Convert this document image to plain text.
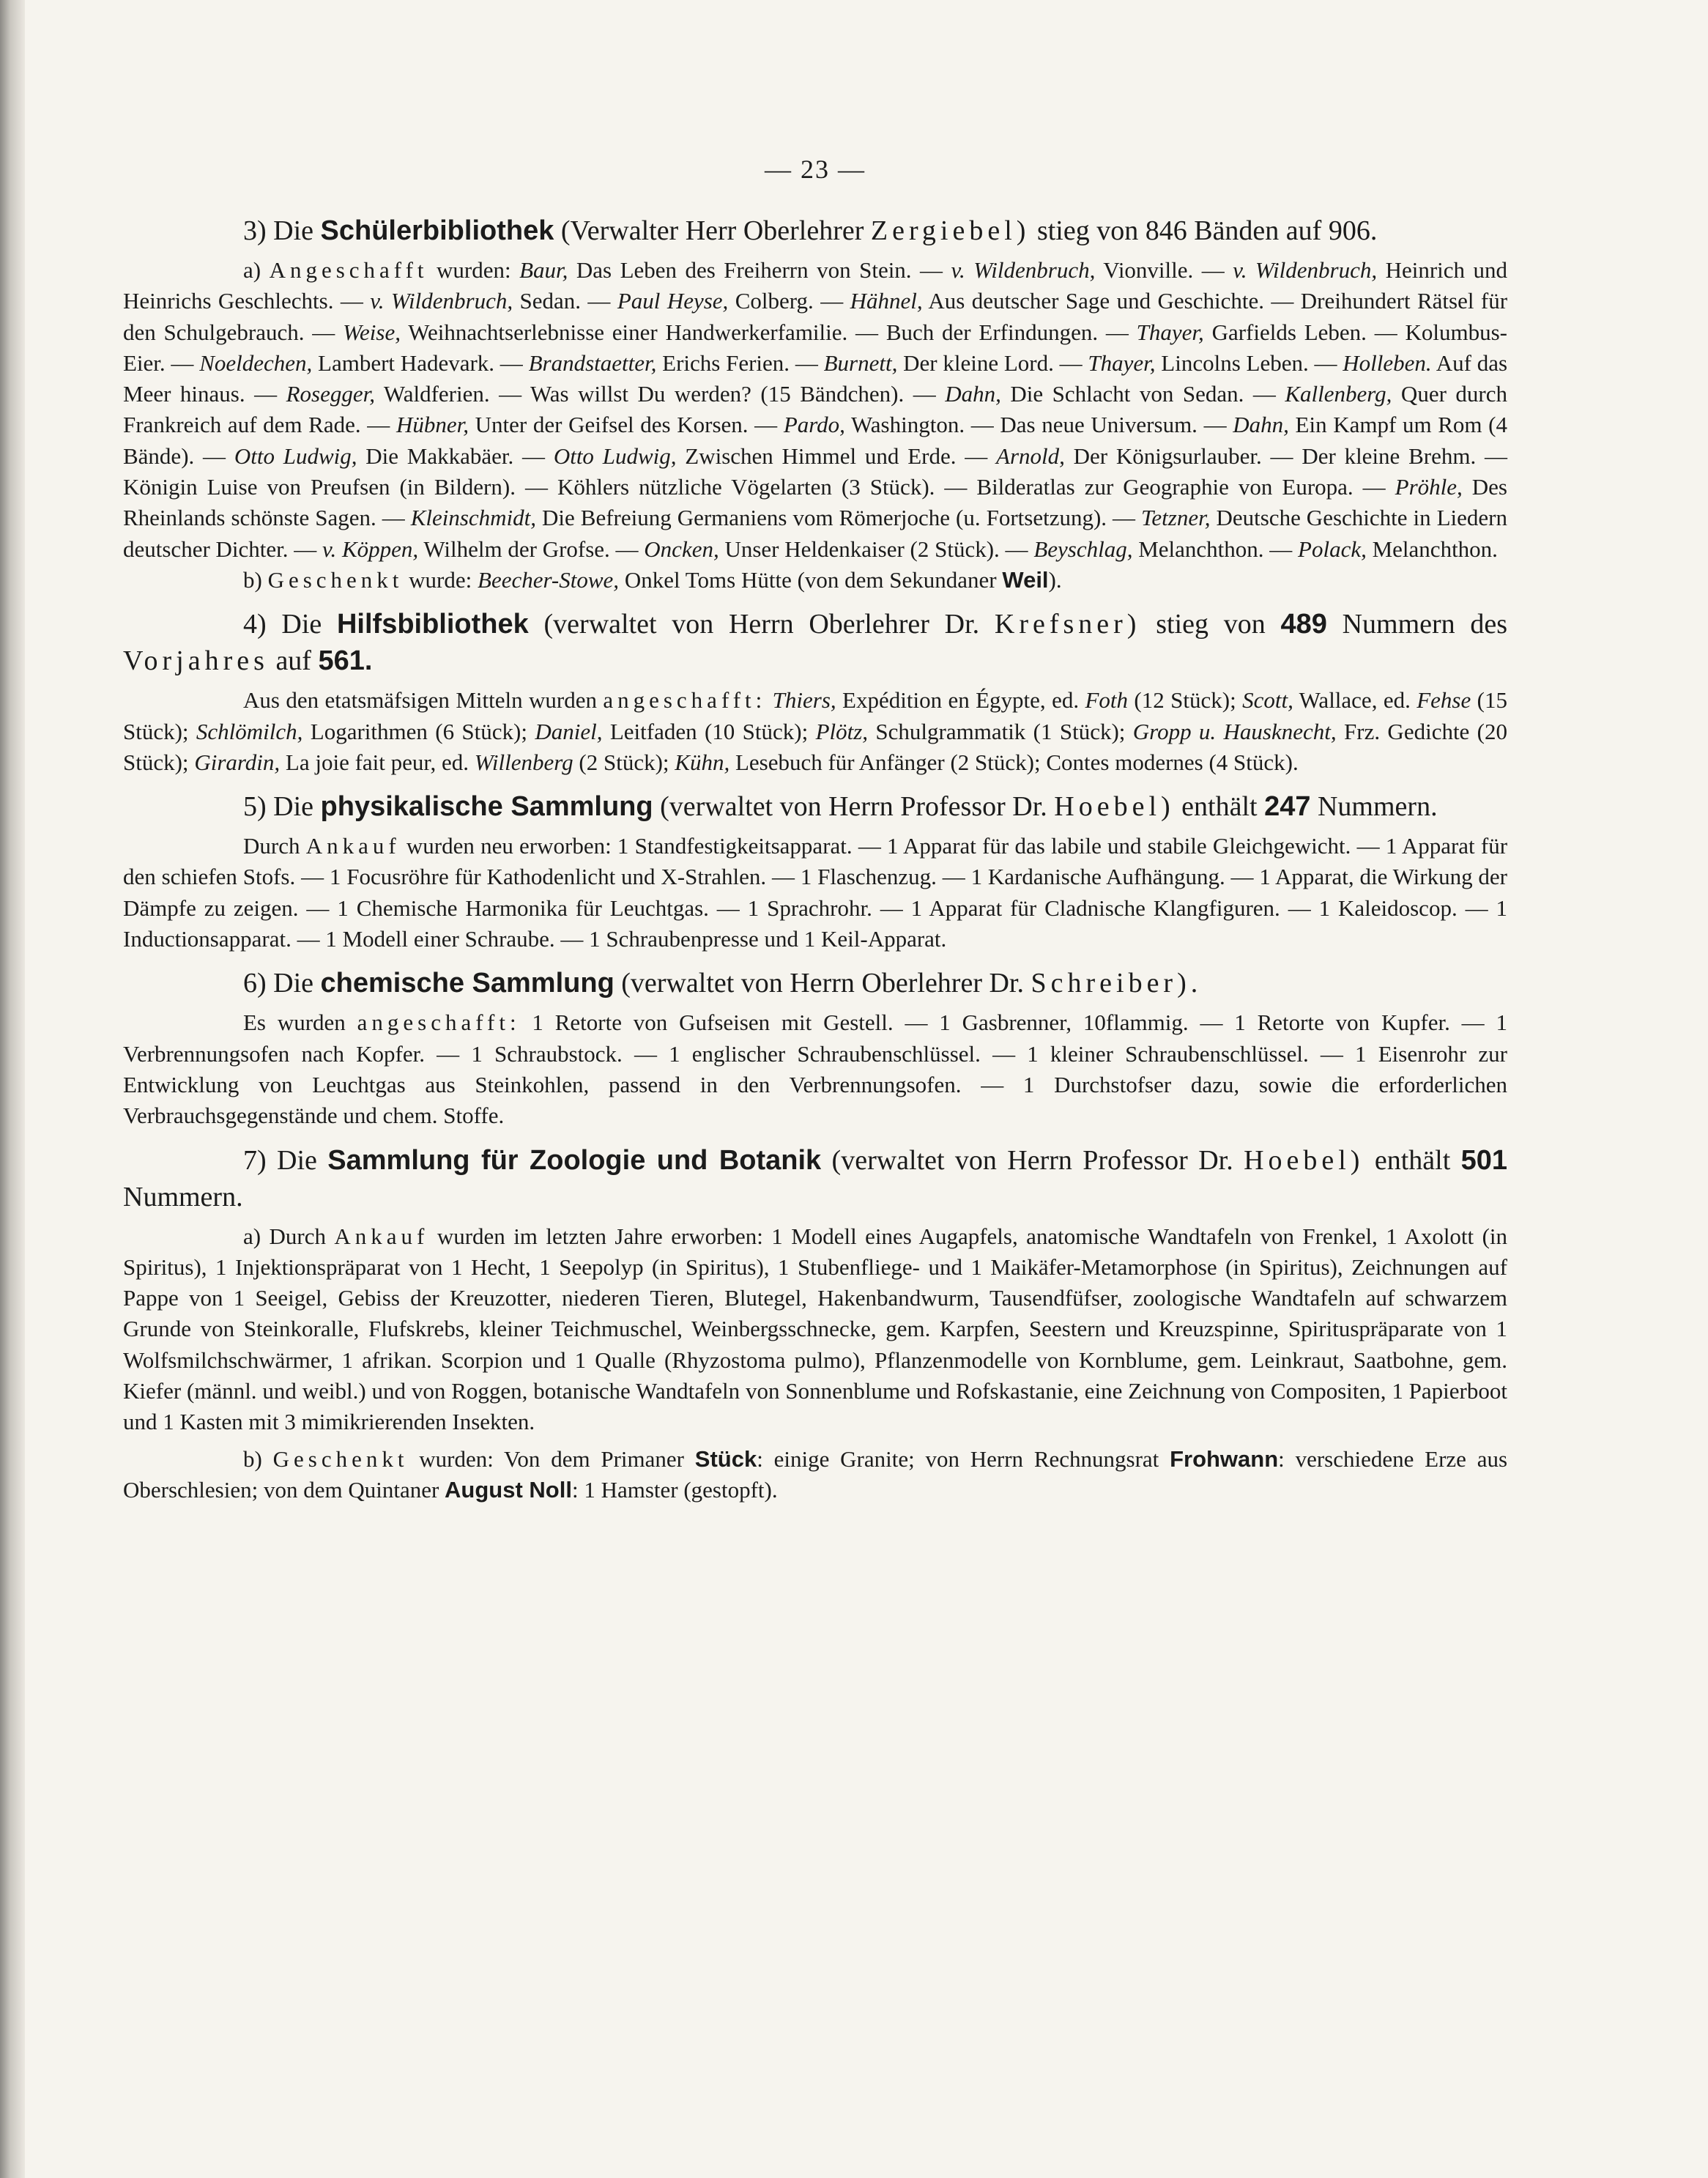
— 23 —

3) Die Schülerbibliothek (Verwalter Herr Oberlehrer Zergiebel) stieg von 846 Bänden auf 906.

a) Angeschafft wurden: Baur, Das Leben des Freiherrn von Stein. — v. Wildenbruch, Vionville. — v. Wildenbruch, Heinrich und Heinrichs Geschlechts. — v. Wildenbruch, Sedan. — Paul Heyse, Colberg. — Hähnel, Aus deutscher Sage und Geschichte. — Dreihundert Rätsel für den Schulgebrauch. — Weise, Weihnachtserlebnisse einer Handwerkerfamilie. — Buch der Erfindungen. — Thayer, Garfields Leben. — Kolumbus-Eier. — Noeldechen, Lambert Hadevark. — Brandstaetter, Erichs Ferien. — Burnett, Der kleine Lord. — Thayer, Lincolns Leben. — Holleben. Auf das Meer hinaus. — Rosegger, Waldferien. — Was willst Du werden? (15 Bändchen). — Dahn, Die Schlacht von Sedan. — Kallenberg, Quer durch Frankreich auf dem Rade. — Hübner, Unter der Geifsel des Korsen. — Pardo, Washington. — Das neue Universum. — Dahn, Ein Kampf um Rom (4 Bände). — Otto Ludwig, Die Makkabäer. — Otto Ludwig, Zwischen Himmel und Erde. — Arnold, Der Königsurlauber. — Der kleine Brehm. — Königin Luise von Preufsen (in Bildern). — Köhlers nützliche Vögelarten (3 Stück). — Bilderatlas zur Geographie von Europa. — Pröhle, Des Rheinlands schönste Sagen. — Kleinschmidt, Die Befreiung Germaniens vom Römerjoche (u. Fortsetzung). — Tetzner, Deutsche Geschichte in Liedern deutscher Dichter. — v. Köppen, Wilhelm der Grofse. — Oncken, Unser Heldenkaiser (2 Stück). — Beyschlag, Melanchthon. — Polack, Melanchthon.

b) Geschenkt wurde: Beecher-Stowe, Onkel Toms Hütte (von dem Sekundaner Weil).

4) Die Hilfsbibliothek (verwaltet von Herrn Oberlehrer Dr. Krefsner) stieg von 489 Nummern des Vorjahres auf 561.

Aus den etatsmäfsigen Mitteln wurden angeschafft: Thiers, Expédition en Égypte, ed. Foth (12 Stück); Scott, Wallace, ed. Fehse (15 Stück); Schlömilch, Logarithmen (6 Stück); Daniel, Leitfaden (10 Stück); Plötz, Schulgrammatik (1 Stück); Gropp u. Hausknecht, Frz. Gedichte (20 Stück); Girardin, La joie fait peur, ed. Willenberg (2 Stück); Kühn, Lesebuch für Anfänger (2 Stück); Contes modernes (4 Stück).

5) Die physikalische Sammlung (verwaltet von Herrn Professor Dr. Hoebel) enthält 247 Nummern.

Durch Ankauf wurden neu erworben: 1 Standfestigkeitsapparat. — 1 Apparat für das labile und stabile Gleichgewicht. — 1 Apparat für den schiefen Stofs. — 1 Focusröhre für Kathodenlicht und X-Strahlen. — 1 Flaschenzug. — 1 Kardanische Aufhängung. — 1 Apparat, die Wirkung der Dämpfe zu zeigen. — 1 Chemische Harmonika für Leuchtgas. — 1 Sprachrohr. — 1 Apparat für Cladnische Klangfiguren. — 1 Kaleidoscop. — 1 Inductionsapparat. — 1 Modell einer Schraube. — 1 Schraubenpresse und 1 Keil-Apparat.

6) Die chemische Sammlung (verwaltet von Herrn Oberlehrer Dr. Schreiber).

Es wurden angeschafft: 1 Retorte von Gufseisen mit Gestell. — 1 Gasbrenner, 10flammig. — 1 Retorte von Kupfer. — 1 Verbrennungsofen nach Kopfer. — 1 Schraubstock. — 1 englischer Schraubenschlüssel. — 1 kleiner Schraubenschlüssel. — 1 Eisenrohr zur Entwicklung von Leuchtgas aus Steinkohlen, passend in den Verbrennungsofen. — 1 Durchstofser dazu, sowie die erforderlichen Verbrauchsgegenstände und chem. Stoffe.

7) Die Sammlung für Zoologie und Botanik (verwaltet von Herrn Professor Dr. Hoebel) enthält 501 Nummern.

a) Durch Ankauf wurden im letzten Jahre erworben: 1 Modell eines Augapfels, anatomische Wandtafeln von Frenkel, 1 Axolott (in Spiritus), 1 Injektionspräparat von 1 Hecht, 1 Seepolyp (in Spiritus), 1 Stubenfliege- und 1 Maikäfer-Metamorphose (in Spiritus), Zeichnungen auf Pappe von 1 Seeigel, Gebiss der Kreuzotter, niederen Tieren, Blutegel, Hakenbandwurm, Tausendfüfser, zoologische Wandtafeln auf schwarzem Grunde von Steinkoralle, Flufskrebs, kleiner Teichmuschel, Weinbergsschnecke, gem. Karpfen, Seestern und Kreuzspinne, Spirituspräparate von 1 Wolfsmilchschwärmer, 1 afrikan. Scorpion und 1 Qualle (Rhyzostoma pulmo), Pflanzenmodelle von Kornblume, gem. Leinkraut, Saatbohne, gem. Kiefer (männl. und weibl.) und von Roggen, botanische Wandtafeln von Sonnenblume und Rofskastanie, eine Zeichnung von Compositen, 1 Papierboot und 1 Kasten mit 3 mimikrierenden Insekten.

b) Geschenkt wurden: Von dem Primaner Stück: einige Granite; von Herrn Rechnungsrat Frohwann: verschiedene Erze aus Oberschlesien; von dem Quintaner August Noll: 1 Hamster (gestopft).
